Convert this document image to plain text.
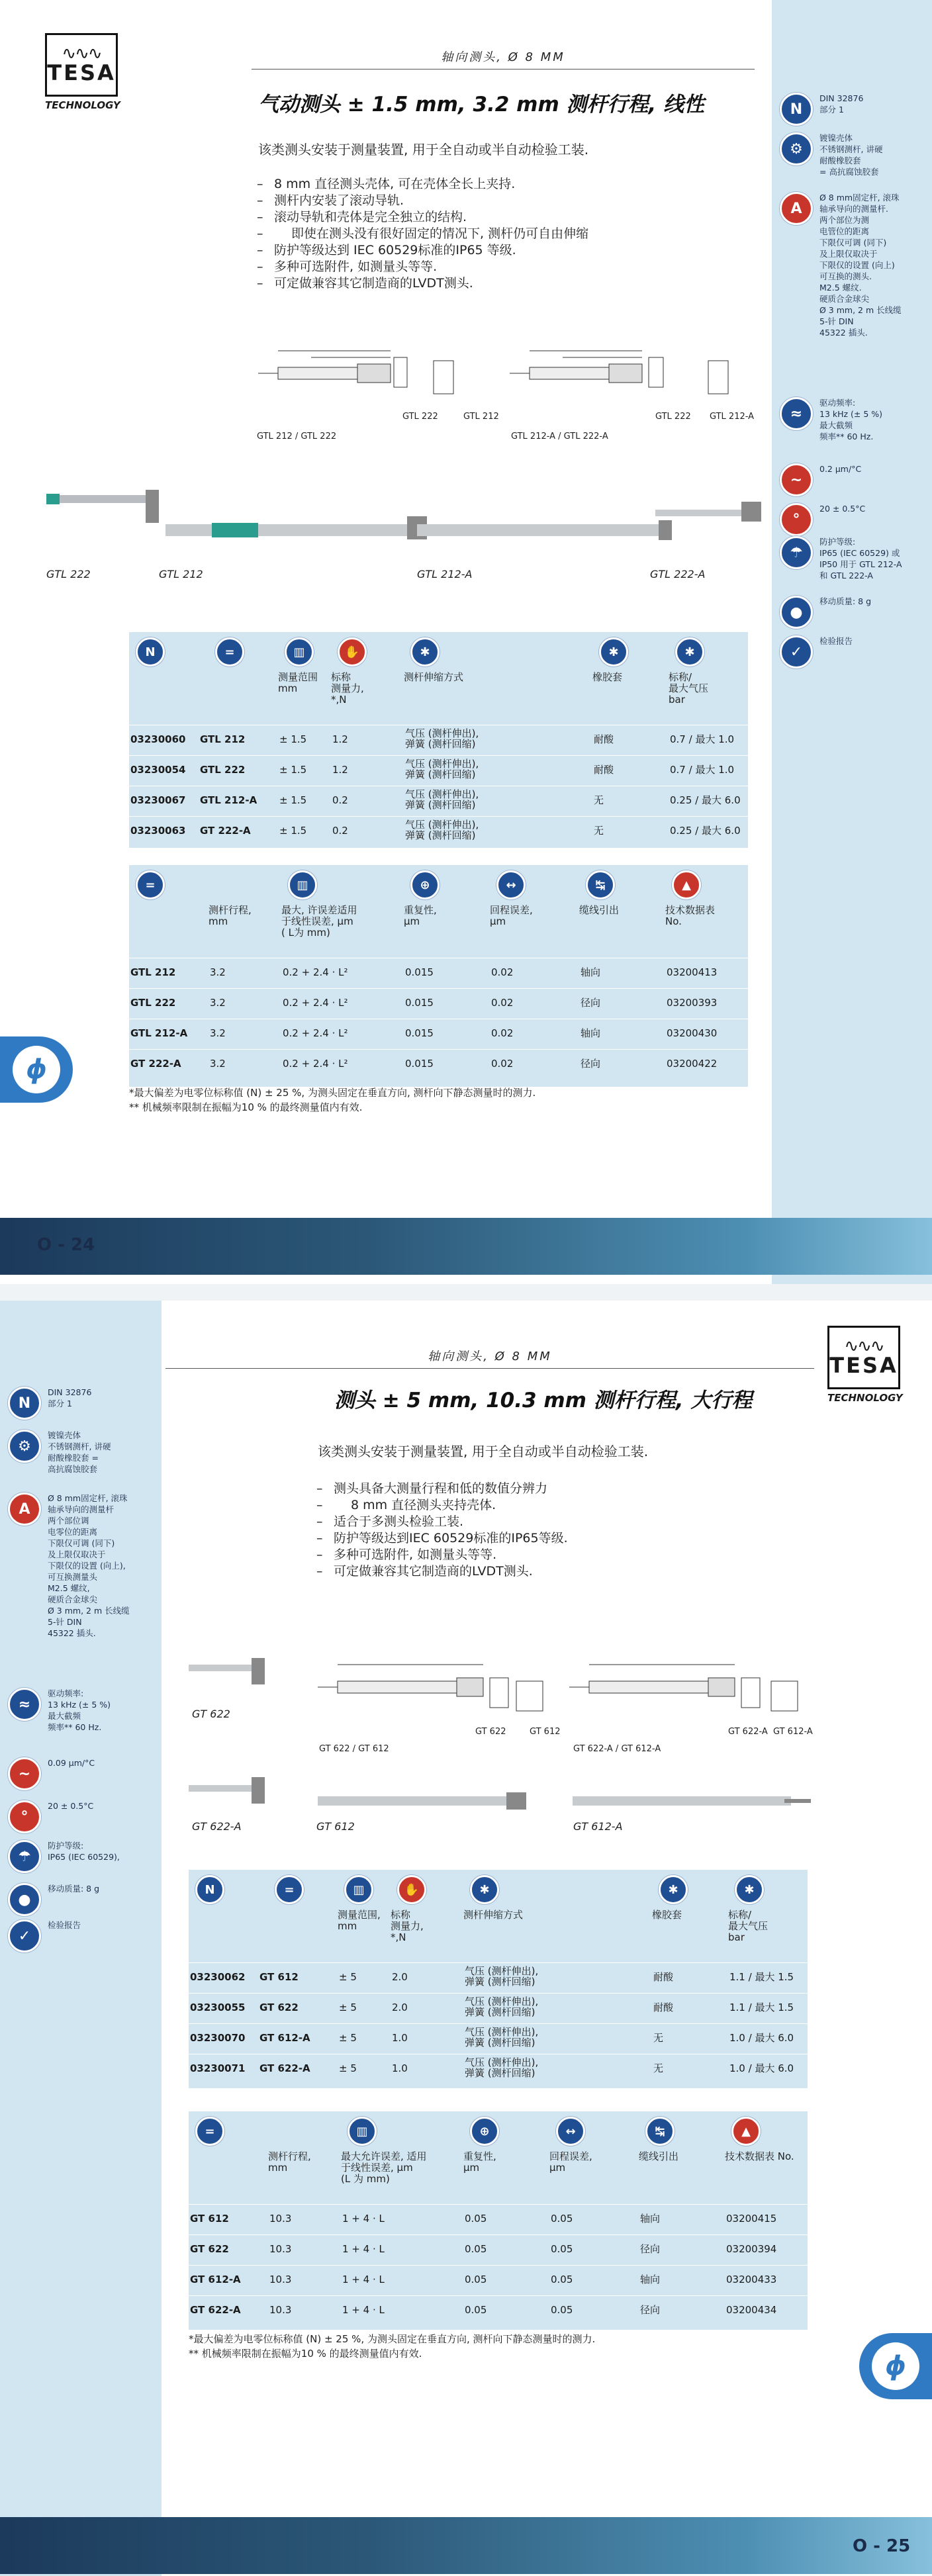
N
DIN 32876
部分 1
⚙
镀镍壳体
不锈钢测杆, 讲硬
耐酸橡胶套
= 高抗腐蚀胶套
A
Ø 8 mm固定杆, 滚珠
轴承导向的测量杆.
两个部位为测
电管位的距离
下限仅可调 (同下)
及上限仅取决于
下限仅的设置 (向上)
可互换的测头.
M2.5 螺纹.
硬质合金球尖
Ø 3 mm, 2 m 长线缆
5-针 DIN
45322 插头.
≈
驱动频率:
13 kHz (± 5 %)
最大截频
频率** 60 Hz.
~
0.2 µm/°C
°
20 ± 0.5°C
☂
防护等级:
IP65 (IEC 60529) 或
IP50 用于 GTL 212-A
和 GTL 222-A
●
移动质量: 8 g
✓
检验报告
∿∿∿
TESA
TECHNOLOGY
轴向测头, Ø 8 MM
气动测头 ± 1.5 mm, 3.2 mm 测杆行程, 线性
该类测头安装于测量装置, 用于全自动或半自动检验工装.
– 8 mm 直径测头壳体, 可在壳体全长上夹持.
– 测杆内安装了滚动导轨.
– 滚动导轨和壳体是完全独立的结构.
– 即使在测头没有很好固定的情况下, 测杆仍可自由伸缩
– 防护等级达到 IEC 60529标准的IP65 等级.
– 多种可选附件, 如测量头等等.
– 可定做兼容其它制造商的LVDT测头.
GTL 212 / GTL 222
GTL 222	GTL 212
GTL 212-A / GTL 222-A
GTL 222 GTL 212-A
GTL 222	GTL 212	GTL 212-A	GTL 222-A
N	=	▥	✋	✱	✱	✱
测量范围
mm
标称
测量力,
*,N
测杆伸缩方式	橡胶套	标称/
最大气压
bar
03230060 GTL 212	± 1.5	1.2	气压 (测杆伸出),
弹簧 (测杆回缩)	耐酸	0.7 / 最大 1.0
03230054 GTL 222	± 1.5	1.2	气压 (测杆伸出),
弹簧 (测杆回缩)	耐酸	0.7 / 最大 1.0
03230067 GTL 212-A ± 1.5	0.2	气压 (测杆伸出),
弹簧 (测杆回缩)	无	0.25 / 最大 6.0
03230063 GT 222-A	± 1.5	0.2	气压 (测杆伸出),
弹簧 (测杆回缩)	无	0.25 / 最大 6.0
=	▥	⊕	↔	↹	▲
测杆行程,
mm
最大, 许误差适用
于线性误差, µm
( L为 mm)
重复性,
µm
回程误差,
µm
缆线引出	技术数据表
No.
GTL 212	3.2	0.2 + 2.4 · L²	0.015	0.02	轴向	03200413
GTL 222	3.2	0.2 + 2.4 · L²	0.015	0.02	径向	03200393
GTL 212-A 3.2	0.2 + 2.4 · L²	0.015	0.02	轴向	03200430
GT 222-A	3.2	0.2 + 2.4 · L²	0.015	0.02	径向	03200422
*最大偏差为电零位标称值 (N) ± 25 %, 为测头固定在垂直方向, 测杆向下静态测量时的测力.
** 机械频率限制在振幅为10 % 的最终测量值内有效.
ϕ
O - 24
N
DIN 32876
部分 1
⚙
镀镍壳体
不锈钢测杆, 讲硬
耐酸橡胶套 =
高抗腐蚀胶套
A
Ø 8 mm固定杆, 滚珠
轴承导向的测量杆
两个部位调
电零位的距离
下限仅可调 (同下)
及上限仅取决于
下限仅的设置 (向上),
可互换测量头
M2.5 螺纹,
硬质合金球尖
Ø 3 mm, 2 m 长线缆
5-针 DIN
45322 插头.
≈
驱动频率:
13 kHz (± 5 %)
最大截频
频率** 60 Hz.
~
0.09 µm/°C
°
20 ± 0.5°C
☂
防护等级:
IP65 (IEC 60529),
●
移动质量: 8 g
✓
检验报告
∿∿∿
TESA
TECHNOLOGY
轴向测头, Ø 8 MM
测头 ± 5 mm, 10.3 mm 测杆行程, 大行程
该类测头安装于测量装置, 用于全自动或半自动检验工装.
– 测头具备大测量行程和低的数值分辨力
– 8 mm 直径测头夹持壳体.
– 适合于多测头检验工装.
– 防护等级达到IEC 60529标准的IP65等级.
– 多种可选附件, 如测量头等等.
– 可定做兼容其它制造商的LVDT测头.
GT 622
GT 622-A
GT 622 / GT 612
GT 622	GT 612
GT 622-A / GT 612-A
GT 622-A GT 612-A
GT 612	GT 612-A
N	=	▥	✋	✱	✱	✱
测量范围,
mm
标称
测量力,
*,N
测杆伸缩方式	橡胶套	标称/
最大气压
bar
03230062 GT 612	± 5	2.0	气压 (测杆伸出),
弹簧 (测杆回缩)	耐酸	1.1 / 最大 1.5
03230055 GT 622	± 5	2.0	气压 (测杆伸出),
弹簧 (测杆回缩)	耐酸	1.1 / 最大 1.5
03230070 GT 612-A	± 5	1.0	气压 (测杆伸出),
弹簧 (测杆回缩)	无	1.0 / 最大 6.0
03230071 GT 622-A	± 5	1.0	气压 (测杆伸出),
弹簧 (测杆回缩)	无	1.0 / 最大 6.0
=	▥	⊕	↔	↹	▲
测杆行程,
mm
最大允许误差, 适用
于线性误差, µm
(L 为 mm)
重复性,
µm
回程误差,
µm
缆线引出	技术数据表 No.
GT 612	10.3	1 + 4 · L	0.05	0.05	轴向	03200415
GT 622	10.3	1 + 4 · L	0.05	0.05	径向	03200394
GT 612-A	10.3	1 + 4 · L	0.05	0.05	轴向	03200433
GT 622-A	10.3	1 + 4 · L	0.05	0.05	径向	03200434
*最大偏差为电零位标称值 (N) ± 25 %, 为测头固定在垂直方向, 测杆向下静态测量时的测力.
** 机械频率限制在振幅为10 % 的最终测量值内有效.	ϕ
O - 25
